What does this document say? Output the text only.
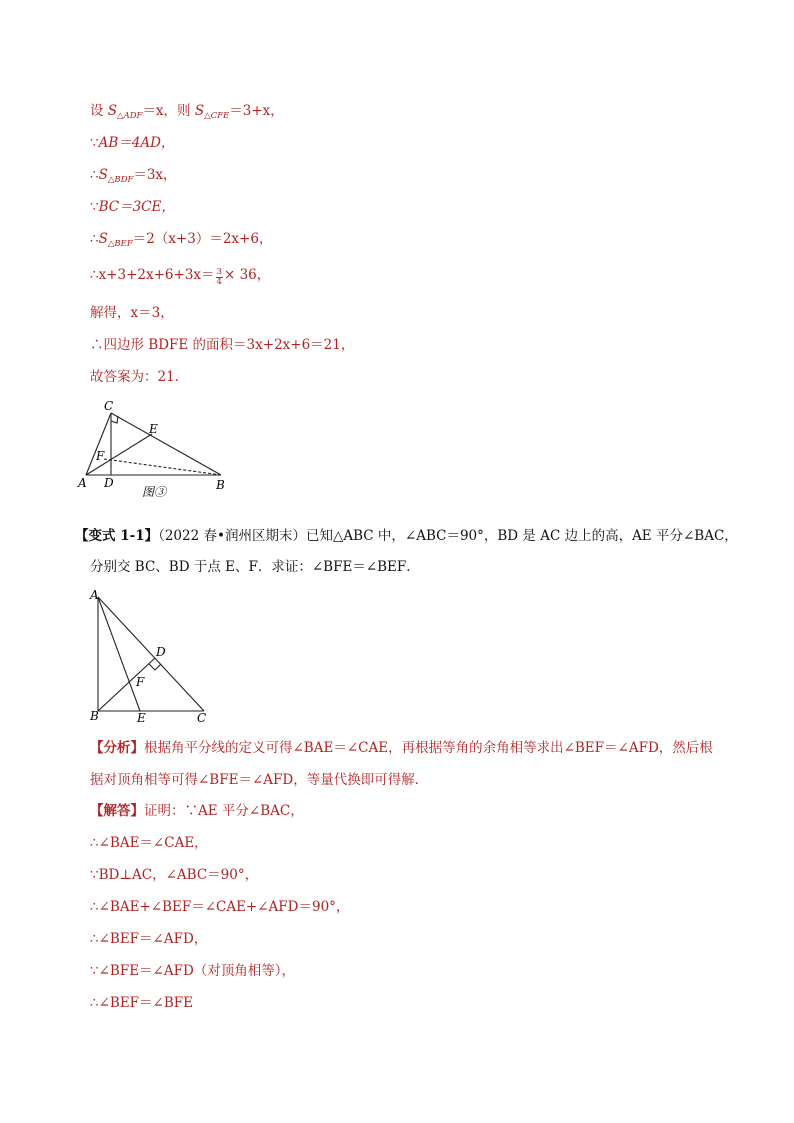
设 $S_{\triangle ADF}=x$，则 $S_{\triangle CFE}=3+x$，
∵AB＝4AD，
$\therefore S_{\triangle BDF}=3x$，
∵BC＝3CE，
$\therefore S_{\triangle BEF}=2(x+3)=2x+6$，
∴x+3+2x+6+3x＝ $\frac{3}{4} \times 36$，
解得，x＝3，
∴四边形 BDFE 的面积＝3x+2x+6＝21，
故答案为：21．
C
E
F
A D	B
图③
【变式 1-1】（2022 春•润州区期末）已知△ABC 中，∠ABC＝90°，BD 是 AC 边上的高，AE 平分∠BAC，
分别交 BC、BD 于点 E、F．求证：∠BFE＝∠BEF．
A
D
F
B	E	C
【分析】根据角平分线的定义可得∠BAE＝∠CAE，再根据等角的余角相等求出∠BEF＝∠AFD，然后根
据对顶角相等可得∠BFE＝∠AFD，等量代换即可得解．
【解答】证明：∵AE 平分∠BAC，
∴∠BAE＝∠CAE，
∵BD⊥AC，∠ABC＝90°，
∴∠BAE+∠BEF＝∠CAE+∠AFD＝90°，
∴∠BEF＝∠AFD，
∵∠BFE＝∠AFD（对顶角相等），
∴∠BEF＝∠BFE
